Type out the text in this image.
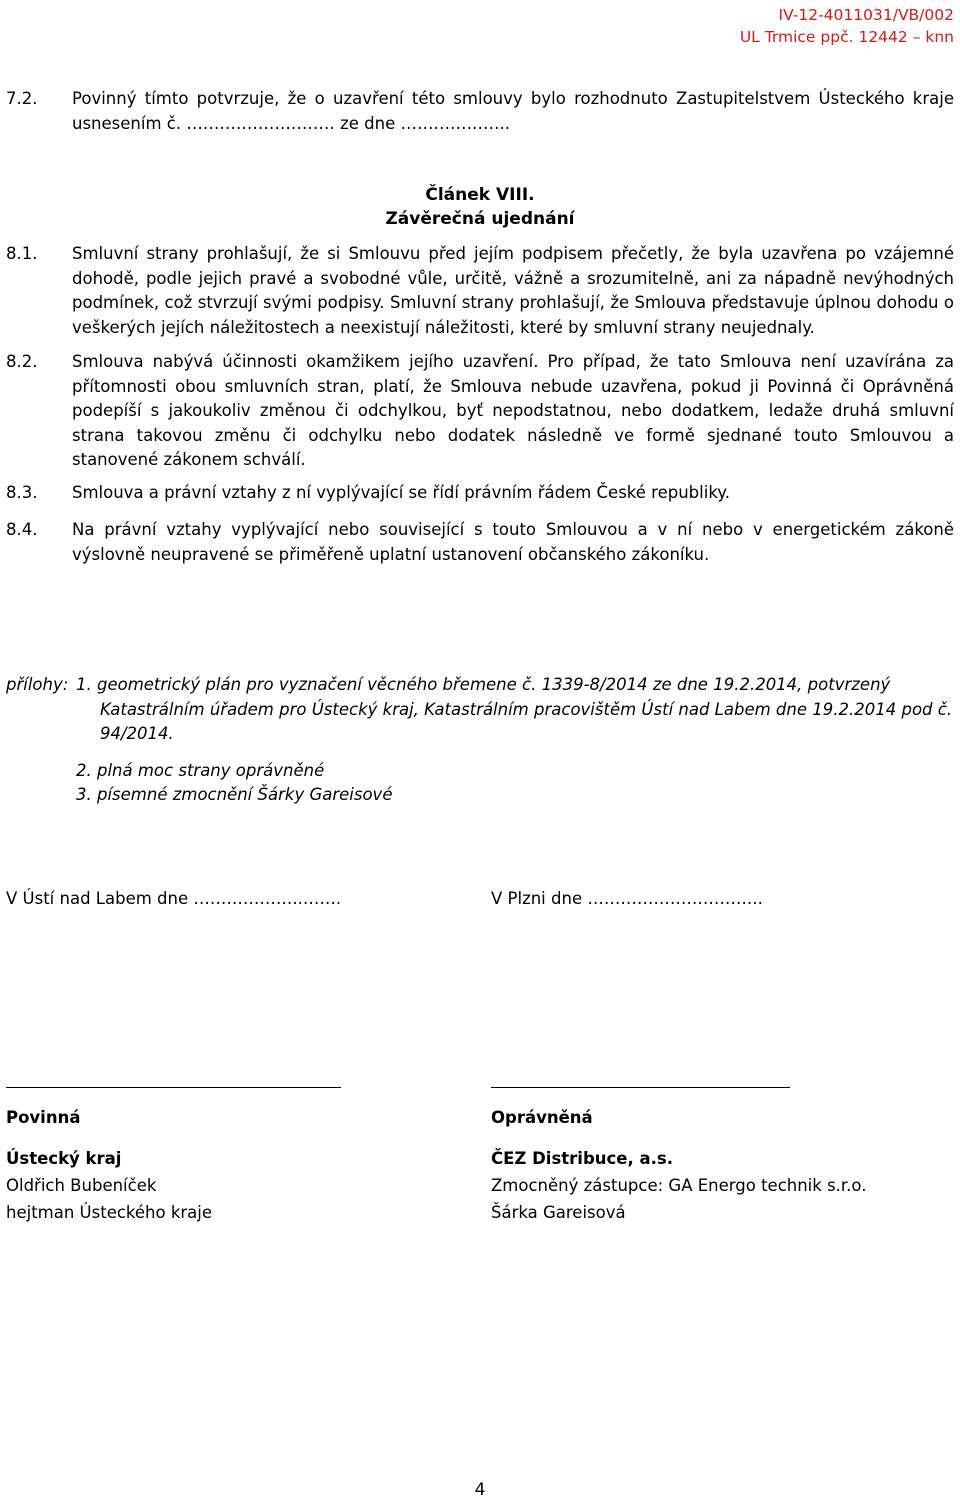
IV-12-4011031/VB/002
UL Trmice ppč. 12442 – knn
7.2. Povinný tímto potvrzuje, že o uzavření této smlouvy bylo rozhodnuto Zastupitelstvem Ústeckého kraje usnesením č. ……………………… ze dne ………………..
Článek VIII.
Závěrečná ujednání
8.1. Smluvní strany prohlašují, že si Smlouvu před jejím podpisem přečetly, že byla uzavřena po vzájemné dohodě, podle jejich pravé a svobodné vůle, určitě, vážně a srozumitelně, ani za nápadně nevýhodných podmínek, což stvrzují svými podpisy. Smluvní strany prohlašují, že Smlouva představuje úplnou dohodu o veškerých jejích náležitostech a neexistují náležitosti, které by smluvní strany neujednaly.
8.2. Smlouva nabývá účinnosti okamžikem jejího uzavření. Pro případ, že tato Smlouva není uzavírána za přítomnosti obou smluvních stran, platí, že Smlouva nebude uzavřena, pokud ji Povinná či Oprávněná podepíší s jakoukoliv změnou či odchylkou, byť nepodstatnou, nebo dodatkem, ledaže druhá smluvní strana takovou změnu či odchylku nebo dodatek následně ve formě sjednané touto Smlouvou a stanovené zákonem schválí.
8.3. Smlouva a právní vztahy z ní vyplývající se řídí právním řádem České republiky.
8.4. Na právní vztahy vyplývající nebo související s touto Smlouvou a v ní nebo v energetickém zákoně výslovně neupravené se přiměřeně uplatní ustanovení občanského zákoníku.
přílohy: 1. geometrický plán pro vyznačení věcného břemene č. 1339-8/2014 ze dne 19.2.2014, potvrzený Katastrálním úřadem pro Ústecký kraj, Katastrálním pracovištěm Ústí nad Labem dne 19.2.2014 pod č. 94/2014.
2. plná moc strany oprávněné
3. písemné zmocnění Šárky Gareisové
V Ústí nad Labem dne ………………..…….	V Plzni dne …………………………..
Povinná	Oprávněná
Ústecký kraj	ČEZ Distribuce, a.s.
Oldřich Bubeníček	Zmocněný zástupce: GA Energo technik s.r.o.
hejtman Ústeckého kraje	Šárka Gareisová
4
